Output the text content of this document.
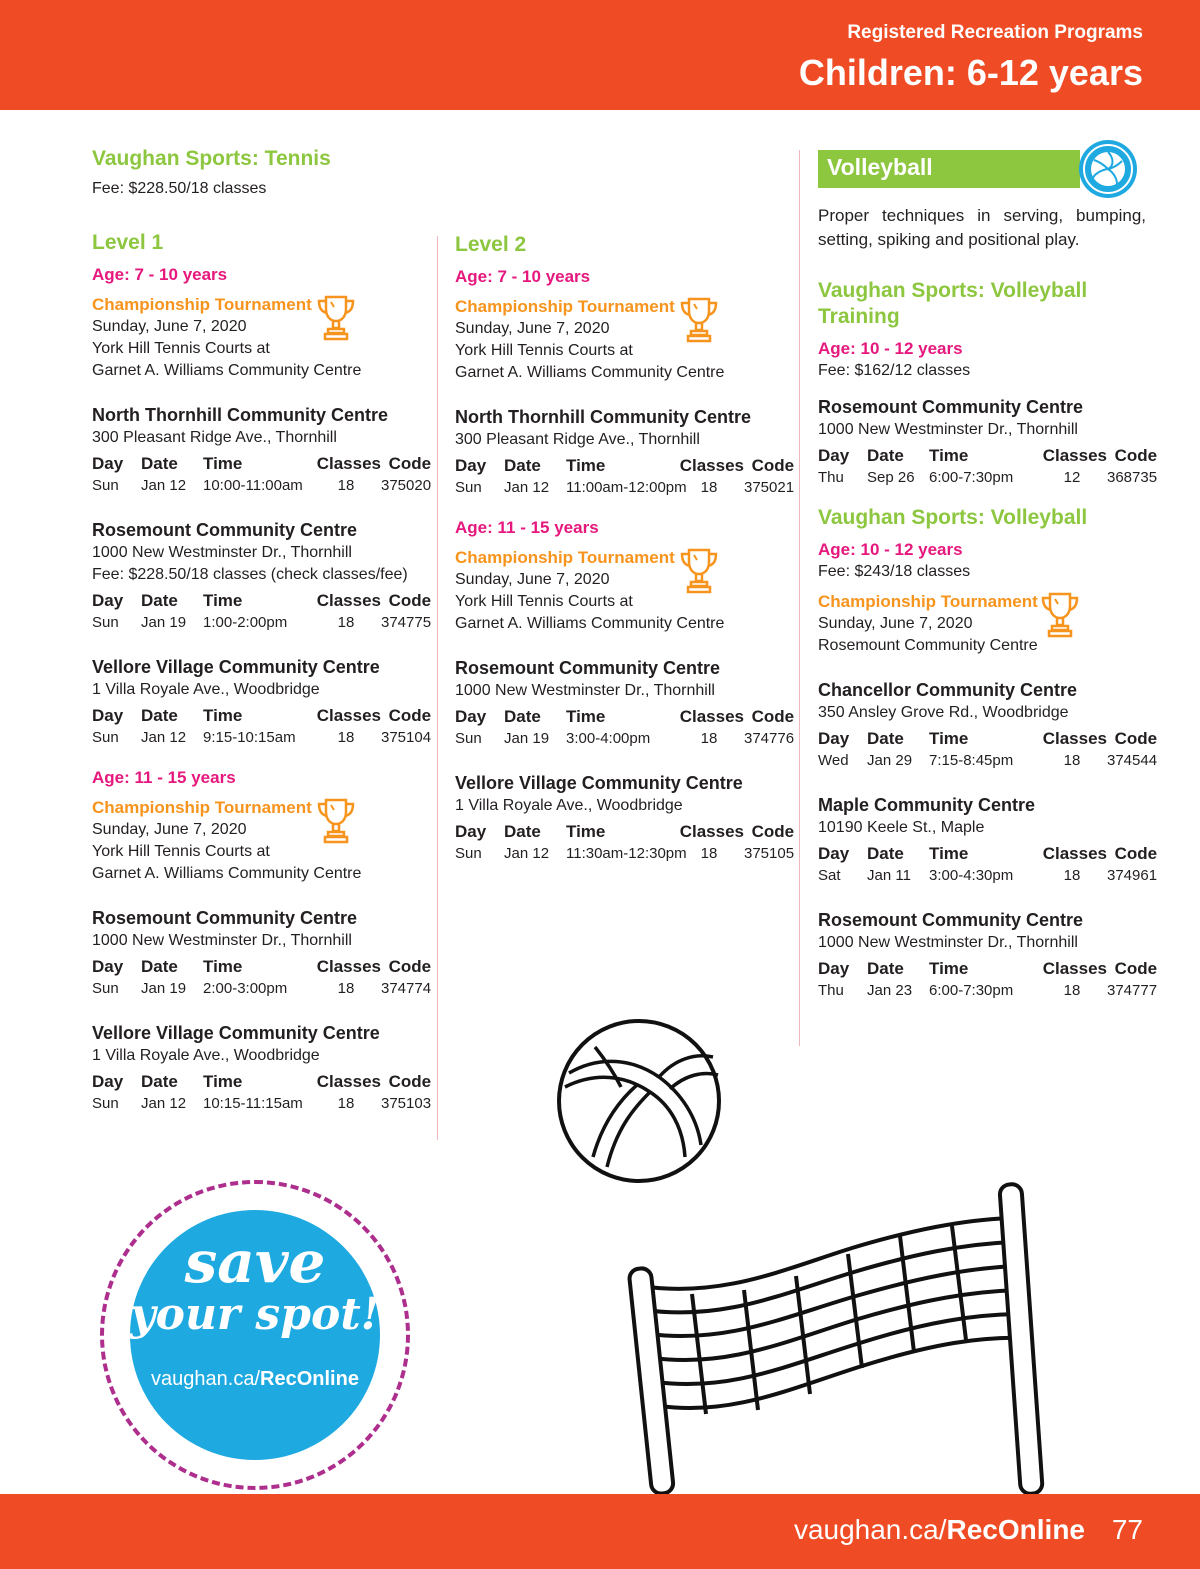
Registered Recreation Programs
Children: 6-12 years
Vaughan Sports: Tennis
Fee: $228.50/18 classes
Level 1
Age: 7 - 10 years
Championship Tournament
Sunday, June 7, 2020
York Hill Tennis Courts at
Garnet A. Williams Community Centre
North Thornhill Community Centre
300 Pleasant Ridge Ave., Thornhill
Day	Date	Time	Classes Code
Sun	Jan 12	10:00-11:00am	18	375020
Rosemount Community Centre
1000 New Westminster Dr., Thornhill
Fee: $228.50/18 classes (check classes/fee)
Day	Date	Time	Classes Code
Sun	Jan 19	1:00-2:00pm	18	374775
Vellore Village Community Centre
1 Villa Royale Ave., Woodbridge
Day	Date	Time	Classes Code
Sun	Jan 12	9:15-10:15am	18	375104
Age: 11 - 15 years
Championship Tournament
Sunday, June 7, 2020
York Hill Tennis Courts at
Garnet A. Williams Community Centre
Rosemount Community Centre
1000 New Westminster Dr., Thornhill
Day	Date	Time	Classes Code
Sun	Jan 19	2:00-3:00pm	18	374774
Vellore Village Community Centre
1 Villa Royale Ave., Woodbridge
Day	Date	Time	Classes Code
Sun	Jan 12	10:15-11:15am	18	375103
Level 2
Age: 7 - 10 years
Championship Tournament
Sunday, June 7, 2020
York Hill Tennis Courts at
Garnet A. Williams Community Centre
North Thornhill Community Centre
300 Pleasant Ridge Ave., Thornhill
Day	Date	Time	Classes Code
Sun	Jan 12	11:00am-12:00pm 18	375021
Age: 11 - 15 years
Championship Tournament
Sunday, June 7, 2020
York Hill Tennis Courts at
Garnet A. Williams Community Centre
Rosemount Community Centre
1000 New Westminster Dr., Thornhill
Day	Date	Time	Classes Code
Sun	Jan 19	3:00-4:00pm	18	374776
Vellore Village Community Centre
1 Villa Royale Ave., Woodbridge
Day	Date	Time	Classes Code
Sun	Jan 12	11:30am-12:30pm 18	375105
Volleyball
Proper techniques in serving, bumping, setting, spiking and positional play.
Vaughan Sports: Volleyball Training
Age: 10 - 12 years
Fee: $162/12 classes
Rosemount Community Centre
1000 New Westminster Dr., Thornhill
Day	Date	Time	Classes Code
Thu	Sep 26 6:00-7:30pm	12	368735
Vaughan Sports: Volleyball
Age: 10 - 12 years
Fee: $243/18 classes
Championship Tournament
Sunday, June 7, 2020
Rosemount Community Centre
Chancellor Community Centre
350 Ansley Grove Rd., Woodbridge
Day	Date	Time	Classes Code
Wed	Jan 29	7:15-8:45pm	18	374544
Maple Community Centre
10190 Keele St., Maple
Day	Date	Time	Classes Code
Sat	Jan 11	3:00-4:30pm	18	374961
Rosemount Community Centre
1000 New Westminster Dr., Thornhill
Day	Date	Time	Classes Code
Thu	Jan 23	6:00-7:30pm	18	374777
save
your spot!
vaughan.ca/RecOnline
vaughan.ca/RecOnline 77
